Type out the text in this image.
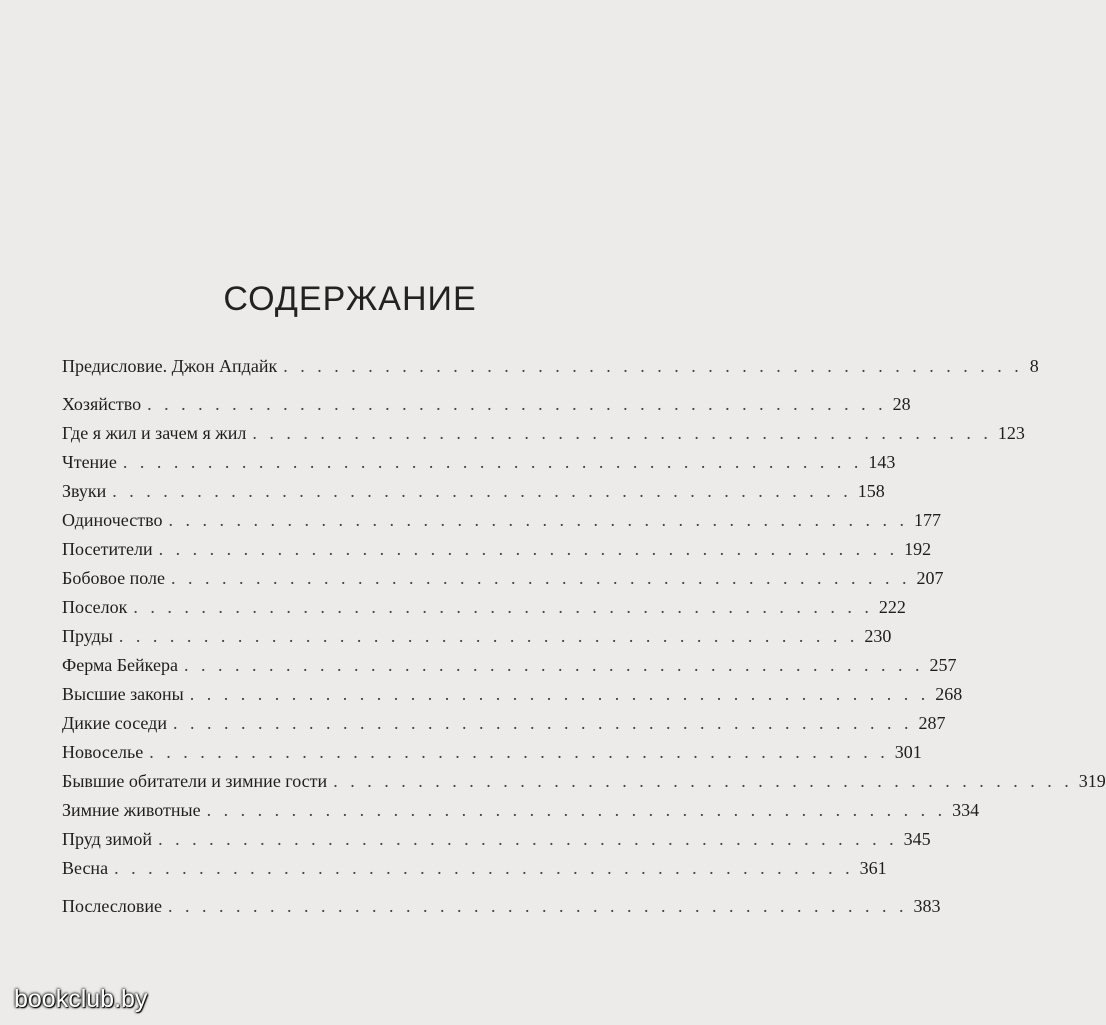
СОДЕРЖАНИЕ
Предисловие. Джон Апдайк . . . . . . . . . . . . . . . . . . . . . . . . . . . . . . . . . . . . . . . . . . . . 8
Хозяйство . . . . . . . . . . . . . . . . . . . . . . . . . . . . . . . . . . . . . . . . . . . . 28
Где я жил и зачем я жил . . . . . . . . . . . . . . . . . . . . . . . . . . . . . . . . . . . . . . . . . . . . 123
Чтение . . . . . . . . . . . . . . . . . . . . . . . . . . . . . . . . . . . . . . . . . . . . 143
Звуки . . . . . . . . . . . . . . . . . . . . . . . . . . . . . . . . . . . . . . . . . . . . 158
Одиночество . . . . . . . . . . . . . . . . . . . . . . . . . . . . . . . . . . . . . . . . . . . . 177
Посетители . . . . . . . . . . . . . . . . . . . . . . . . . . . . . . . . . . . . . . . . . . . . 192
Бобовое поле . . . . . . . . . . . . . . . . . . . . . . . . . . . . . . . . . . . . . . . . . . . . 207
Поселок . . . . . . . . . . . . . . . . . . . . . . . . . . . . . . . . . . . . . . . . . . . . 222
Пруды . . . . . . . . . . . . . . . . . . . . . . . . . . . . . . . . . . . . . . . . . . . . 230
Ферма Бейкера . . . . . . . . . . . . . . . . . . . . . . . . . . . . . . . . . . . . . . . . . . . . 257
Высшие законы . . . . . . . . . . . . . . . . . . . . . . . . . . . . . . . . . . . . . . . . . . . . 268
Дикие соседи . . . . . . . . . . . . . . . . . . . . . . . . . . . . . . . . . . . . . . . . . . . . 287
Новоселье . . . . . . . . . . . . . . . . . . . . . . . . . . . . . . . . . . . . . . . . . . . . 301
Бывшие обитатели и зимние гости . . . . . . . . . . . . . . . . . . . . . . . . . . . . . . . . . . . . . . . . . . . . 319
Зимние животные . . . . . . . . . . . . . . . . . . . . . . . . . . . . . . . . . . . . . . . . . . . . 334
Пруд зимой . . . . . . . . . . . . . . . . . . . . . . . . . . . . . . . . . . . . . . . . . . . . 345
Весна . . . . . . . . . . . . . . . . . . . . . . . . . . . . . . . . . . . . . . . . . . . . 361
Послесловие . . . . . . . . . . . . . . . . . . . . . . . . . . . . . . . . . . . . . . . . . . . . 383
bookclub.by
